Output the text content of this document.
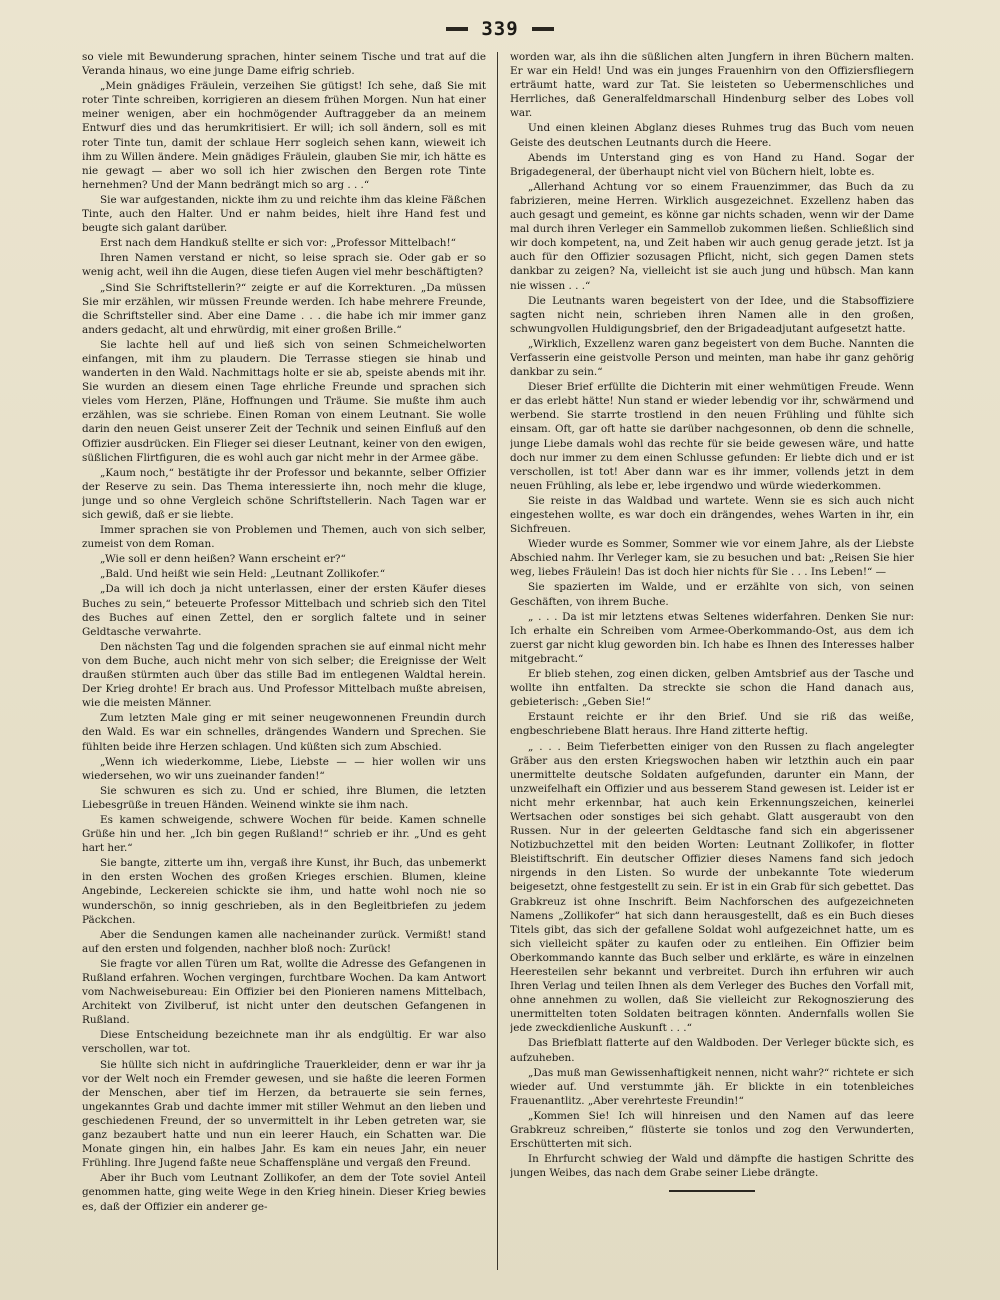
339

so viele mit Bewunderung sprachen, hinter seinem Tische und trat auf die Veranda hinaus, wo eine junge Dame eifrig schrieb.

„Mein gnädiges Fräulein, verzeihen Sie gütigst! Ich sehe, daß Sie mit roter Tinte schreiben, korrigieren an diesem frühen Morgen. Nun hat einer meiner wenigen, aber ein hochmögender Auftraggeber da an meinem Entwurf dies und das herumkritisiert. Er will; ich soll ändern, soll es mit roter Tinte tun, damit der schlaue Herr sogleich sehen kann, wieweit ich ihm zu Willen ändere. Mein gnädiges Fräulein, glauben Sie mir, ich hätte es nie gewagt — aber wo soll ich hier zwischen den Bergen rote Tinte hernehmen? Und der Mann bedrängt mich so arg . . .“

Sie war aufgestanden, nickte ihm zu und reichte ihm das kleine Fäßchen Tinte, auch den Halter. Und er nahm beides, hielt ihre Hand fest und beugte sich galant darüber.

Erst nach dem Handkuß stellte er sich vor: „Professor Mittelbach!“

Ihren Namen verstand er nicht, so leise sprach sie. Oder gab er so wenig acht, weil ihn die Augen, diese tiefen Augen viel mehr beschäftigten?

„Sind Sie Schriftstellerin?“ zeigte er auf die Korrekturen. „Da müssen Sie mir erzählen, wir müssen Freunde werden. Ich habe mehrere Freunde, die Schriftsteller sind. Aber eine Dame . . . die habe ich mir immer ganz anders gedacht, alt und ehrwürdig, mit einer großen Brille.“

Sie lachte hell auf und ließ sich von seinen Schmeichelworten einfangen, mit ihm zu plaudern. Die Terrasse stiegen sie hinab und wanderten in den Wald. Nachmittags holte er sie ab, speiste abends mit ihr. Sie wurden an diesem einen Tage ehrliche Freunde und sprachen sich vieles vom Herzen, Pläne, Hoffnungen und Träume. Sie mußte ihm auch erzählen, was sie schriebe. Einen Roman von einem Leutnant. Sie wolle darin den neuen Geist unserer Zeit der Technik und seinen Einfluß auf den Offizier ausdrücken. Ein Flieger sei dieser Leutnant, keiner von den ewigen, süßlichen Flirtfiguren, die es wohl auch gar nicht mehr in der Armee gäbe.

„Kaum noch,“ bestätigte ihr der Professor und bekannte, selber Offizier der Reserve zu sein. Das Thema interessierte ihn, noch mehr die kluge, junge und so ohne Vergleich schöne Schriftstellerin. Nach Tagen war er sich gewiß, daß er sie liebte.

Immer sprachen sie von Problemen und Themen, auch von sich selber, zumeist von dem Roman.

„Wie soll er denn heißen? Wann erscheint er?“

„Bald. Und heißt wie sein Held: „Leutnant Zollikofer.“

„Da will ich doch ja nicht unterlassen, einer der ersten Käufer dieses Buches zu sein,“ beteuerte Professor Mittelbach und schrieb sich den Titel des Buches auf einen Zettel, den er sorglich faltete und in seiner Geldtasche verwahrte.

Den nächsten Tag und die folgenden sprachen sie auf einmal nicht mehr von dem Buche, auch nicht mehr von sich selber; die Ereignisse der Welt draußen stürmten auch über das stille Bad im entlegenen Waldtal herein. Der Krieg drohte! Er brach aus. Und Professor Mittelbach mußte abreisen, wie die meisten Männer.

Zum letzten Male ging er mit seiner neugewonnenen Freundin durch den Wald. Es war ein schnelles, drängendes Wandern und Sprechen. Sie fühlten beide ihre Herzen schlagen. Und küßten sich zum Abschied.

„Wenn ich wiederkomme, Liebe, Liebste — — hier wollen wir uns wiedersehen, wo wir uns zueinander fanden!“

Sie schwuren es sich zu. Und er schied, ihre Blumen, die letzten Liebesgrüße in treuen Händen. Weinend winkte sie ihm nach.

Es kamen schweigende, schwere Wochen für beide. Kamen schnelle Grüße hin und her. „Ich bin gegen Rußland!“ schrieb er ihr. „Und es geht hart her.“

Sie bangte, zitterte um ihn, vergaß ihre Kunst, ihr Buch, das unbemerkt in den ersten Wochen des großen Krieges erschien. Blumen, kleine Angebinde, Leckereien schickte sie ihm, und hatte wohl noch nie so wunderschön, so innig geschrieben, als in den Begleitbriefen zu jedem Päckchen.

Aber die Sendungen kamen alle nacheinander zurück. Vermißt! stand auf den ersten und folgenden, nachher bloß noch: Zurück!

Sie fragte vor allen Türen um Rat, wollte die Adresse des Gefangenen in Rußland erfahren. Wochen vergingen, furchtbare Wochen. Da kam Antwort vom Nachweisebureau: Ein Offizier bei den Pionieren namens Mittelbach, Architekt von Zivilberuf, ist nicht unter den deutschen Gefangenen in Rußland.

Diese Entscheidung bezeichnete man ihr als endgültig. Er war also verschollen, war tot.

Sie hüllte sich nicht in aufdringliche Trauerkleider, denn er war ihr ja vor der Welt noch ein Fremder gewesen, und sie haßte die leeren Formen der Menschen, aber tief im Herzen, da betrauerte sie sein fernes, ungekanntes Grab und dachte immer mit stiller Wehmut an den lieben und geschiedenen Freund, der so unvermittelt in ihr Leben getreten war, sie ganz bezaubert hatte und nun ein leerer Hauch, ein Schatten war. Die Monate gingen hin, ein halbes Jahr. Es kam ein neues Jahr, ein neuer Frühling. Ihre Jugend faßte neue Schaffenspläne und vergaß den Freund.

Aber ihr Buch vom Leutnant Zollikofer, an dem der Tote soviel Anteil genommen hatte, ging weite Wege in den Krieg hinein. Dieser Krieg bewies es, daß der Offizier ein anderer ge-

worden war, als ihn die süßlichen alten Jungfern in ihren Büchern malten. Er war ein Held! Und was ein junges Frauenhirn von den Offiziersfliegern erträumt hatte, ward zur Tat. Sie leisteten so Uebermenschliches und Herrliches, daß Generalfeldmarschall Hindenburg selber des Lobes voll war.

Und einen kleinen Abglanz dieses Ruhmes trug das Buch vom neuen Geiste des deutschen Leutnants durch die Heere.

Abends im Unterstand ging es von Hand zu Hand. Sogar der Brigadegeneral, der überhaupt nicht viel von Büchern hielt, lobte es.

„Allerhand Achtung vor so einem Frauenzimmer, das Buch da zu fabrizieren, meine Herren. Wirklich ausgezeichnet. Exzellenz haben das auch gesagt und gemeint, es könne gar nichts schaden, wenn wir der Dame mal durch ihren Verleger ein Sammellob zukommen ließen. Schließlich sind wir doch kompetent, na, und Zeit haben wir auch genug gerade jetzt. Ist ja auch für den Offizier sozusagen Pflicht, nicht, sich gegen Damen stets dankbar zu zeigen? Na, vielleicht ist sie auch jung und hübsch. Man kann nie wissen . . .“

Die Leutnants waren begeistert von der Idee, und die Stabsoffiziere sagten nicht nein, schrieben ihren Namen alle in den großen, schwungvollen Huldigungsbrief, den der Brigadeadjutant aufgesetzt hatte.

„Wirklich, Exzellenz waren ganz begeistert von dem Buche. Nannten die Verfasserin eine geistvolle Person und meinten, man habe ihr ganz gehörig dankbar zu sein.“

Dieser Brief erfüllte die Dichterin mit einer wehmütigen Freude. Wenn er das erlebt hätte! Nun stand er wieder lebendig vor ihr, schwärmend und werbend. Sie starrte trostlend in den neuen Frühling und fühlte sich einsam. Oft, gar oft hatte sie darüber nachgesonnen, ob denn die schnelle, junge Liebe damals wohl das rechte für sie beide gewesen wäre, und hatte doch nur immer zu dem einen Schlusse gefunden: Er liebte dich und er ist verschollen, ist tot! Aber dann war es ihr immer, vollends jetzt in dem neuen Frühling, als lebe er, lebe irgendwo und würde wiederkommen.

Sie reiste in das Waldbad und wartete. Wenn sie es sich auch nicht eingestehen wollte, es war doch ein drängendes, wehes Warten in ihr, ein Sichfreuen.

Wieder wurde es Sommer, Sommer wie vor einem Jahre, als der Liebste Abschied nahm. Ihr Verleger kam, sie zu besuchen und bat: „Reisen Sie hier weg, liebes Fräulein! Das ist doch hier nichts für Sie . . . Ins Leben!“ —

Sie spazierten im Walde, und er erzählte von sich, von seinen Geschäften, von ihrem Buche.

„ . . . Da ist mir letztens etwas Seltenes widerfahren. Denken Sie nur: Ich erhalte ein Schreiben vom Armee-Oberkommando-Ost, aus dem ich zuerst gar nicht klug geworden bin. Ich habe es Ihnen des Interesses halber mitgebracht.“

Er blieb stehen, zog einen dicken, gelben Amtsbrief aus der Tasche und wollte ihn entfalten. Da streckte sie schon die Hand danach aus, gebieterisch: „Geben Sie!“

Erstaunt reichte er ihr den Brief. Und sie riß das weiße, engbeschriebene Blatt heraus. Ihre Hand zitterte heftig.

„ . . . Beim Tieferbetten einiger von den Russen zu flach angelegter Gräber aus den ersten Kriegswochen haben wir letzthin auch ein paar unermittelte deutsche Soldaten aufgefunden, darunter ein Mann, der unzweifelhaft ein Offizier und aus besserem Stand gewesen ist. Leider ist er nicht mehr erkennbar, hat auch kein Erkennungszeichen, keinerlei Wertsachen oder sonstiges bei sich gehabt. Glatt ausgeraubt von den Russen. Nur in der geleerten Geldtasche fand sich ein abgerissener Notizbuchzettel mit den beiden Worten: Leutnant Zollikofer, in flotter Bleistiftschrift. Ein deutscher Offizier dieses Namens fand sich jedoch nirgends in den Listen. So wurde der unbekannte Tote wiederum beigesetzt, ohne festgestellt zu sein. Er ist in ein Grab für sich gebettet. Das Grabkreuz ist ohne Inschrift. Beim Nachforschen des aufgezeichneten Namens „Zollikofer“ hat sich dann herausgestellt, daß es ein Buch dieses Titels gibt, das sich der gefallene Soldat wohl aufgezeichnet hatte, um es sich vielleicht später zu kaufen oder zu entleihen. Ein Offizier beim Oberkommando kannte das Buch selber und erklärte, es wäre in einzelnen Heeresteilen sehr bekannt und verbreitet. Durch ihn erfuhren wir auch Ihren Verlag und teilen Ihnen als dem Verleger des Buches den Vorfall mit, ohne annehmen zu wollen, daß Sie vielleicht zur Rekognoszierung des unermittelten toten Soldaten beitragen könnten. Andernfalls wollen Sie jede zweckdienliche Auskunft . . .“

Das Briefblatt flatterte auf den Waldboden. Der Verleger bückte sich, es aufzuheben.

„Das muß man Gewissenhaftigkeit nennen, nicht wahr?“ richtete er sich wieder auf. Und verstummte jäh. Er blickte in ein totenbleiches Frauenantlitz. „Aber verehrteste Freundin!“

„Kommen Sie! Ich will hinreisen und den Namen auf das leere Grabkreuz schreiben,“ flüsterte sie tonlos und zog den Verwunderten, Erschütterten mit sich.

In Ehrfurcht schwieg der Wald und dämpfte die hastigen Schritte des jungen Weibes, das nach dem Grabe seiner Liebe drängte.
